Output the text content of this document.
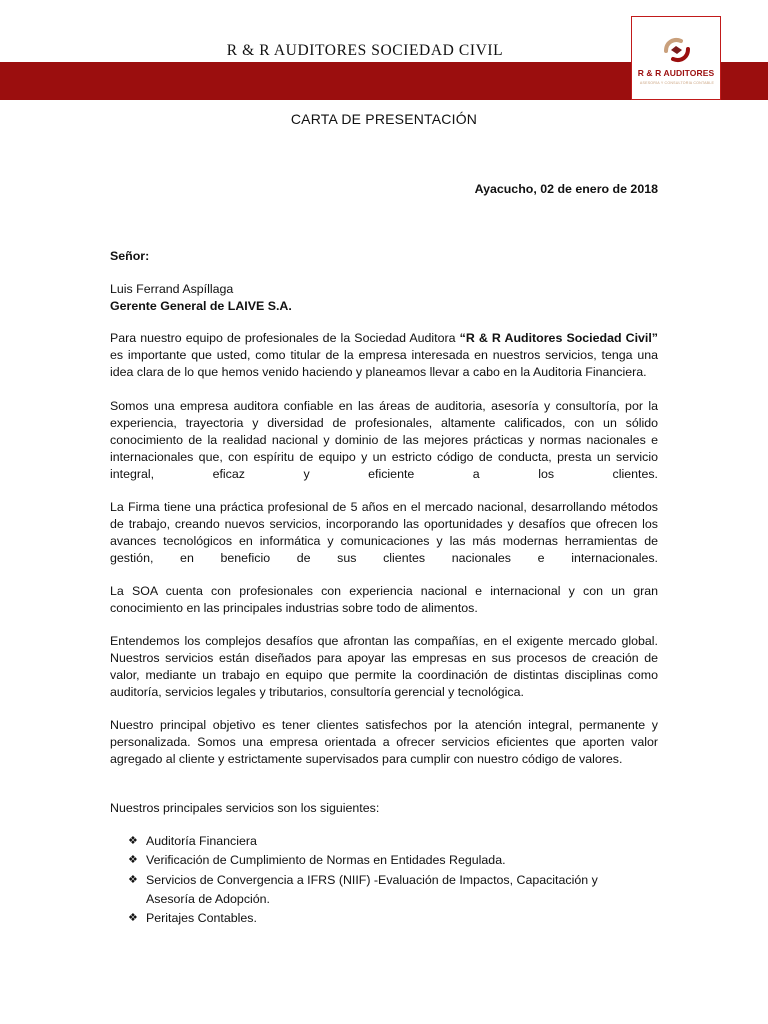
R & R AUDITORES SOCIEDAD CIVIL
R & R AUDITORES
ASESORÍA Y CONSULTORÍA CONTABLE
CARTA DE PRESENTACIÓN
Ayacucho, 02 de enero de 2018
Señor:
Luis Ferrand Aspíllaga
Gerente General de LAIVE S.A.
Para nuestro equipo de profesionales de la Sociedad Auditora “R & R Auditores Sociedad Civil”
es importante que usted, como titular de la empresa interesada en nuestros servicios, tenga una
idea clara de lo que hemos venido haciendo y planeamos llevar a cabo en la Auditoria Financiera.
Somos una empresa auditora confiable en las áreas de auditoria, asesoría y consultoría, por la
experiencia, trayectoria y diversidad de profesionales, altamente calificados, con un sólido
conocimiento de la realidad nacional y dominio de las mejores prácticas y normas nacionales e
internacionales que, con espíritu de equipo y un estricto código de conducta, presta un servicio
integral, eficaz y eficiente a los clientes.
La Firma tiene una práctica profesional de 5 años en el mercado nacional, desarrollando métodos
de trabajo, creando nuevos servicios, incorporando las oportunidades y desafíos que ofrecen los
avances tecnológicos en informática y comunicaciones y las más modernas herramientas de
gestión, en beneficio de sus clientes nacionales e internacionales.
La SOA cuenta con profesionales con experiencia nacional e internacional y con un gran
conocimiento en las principales industrias sobre todo de alimentos.
Entendemos los complejos desafíos que afrontan las compañías, en el exigente mercado global.
Nuestros servicios están diseñados para apoyar las empresas en sus procesos de creación de
valor, mediante un trabajo en equipo que permite la coordinación de distintas disciplinas como
auditoría, servicios legales y tributarios, consultoría gerencial y tecnológica.
Nuestro principal objetivo es tener clientes satisfechos por la atención integral, permanente y
personalizada. Somos una empresa orientada a ofrecer servicios eficientes que aporten valor
agregado al cliente y estrictamente supervisados para cumplir con nuestro código de valores.
Nuestros principales servicios son los siguientes:
❖ Auditoría Financiera
❖ Verificación de Cumplimiento de Normas en Entidades Regulada.
❖ Servicios de Convergencia a IFRS (NIIF) -Evaluación de Impactos, Capacitación y Asesoría de Adopción.
❖ Peritajes Contables.
